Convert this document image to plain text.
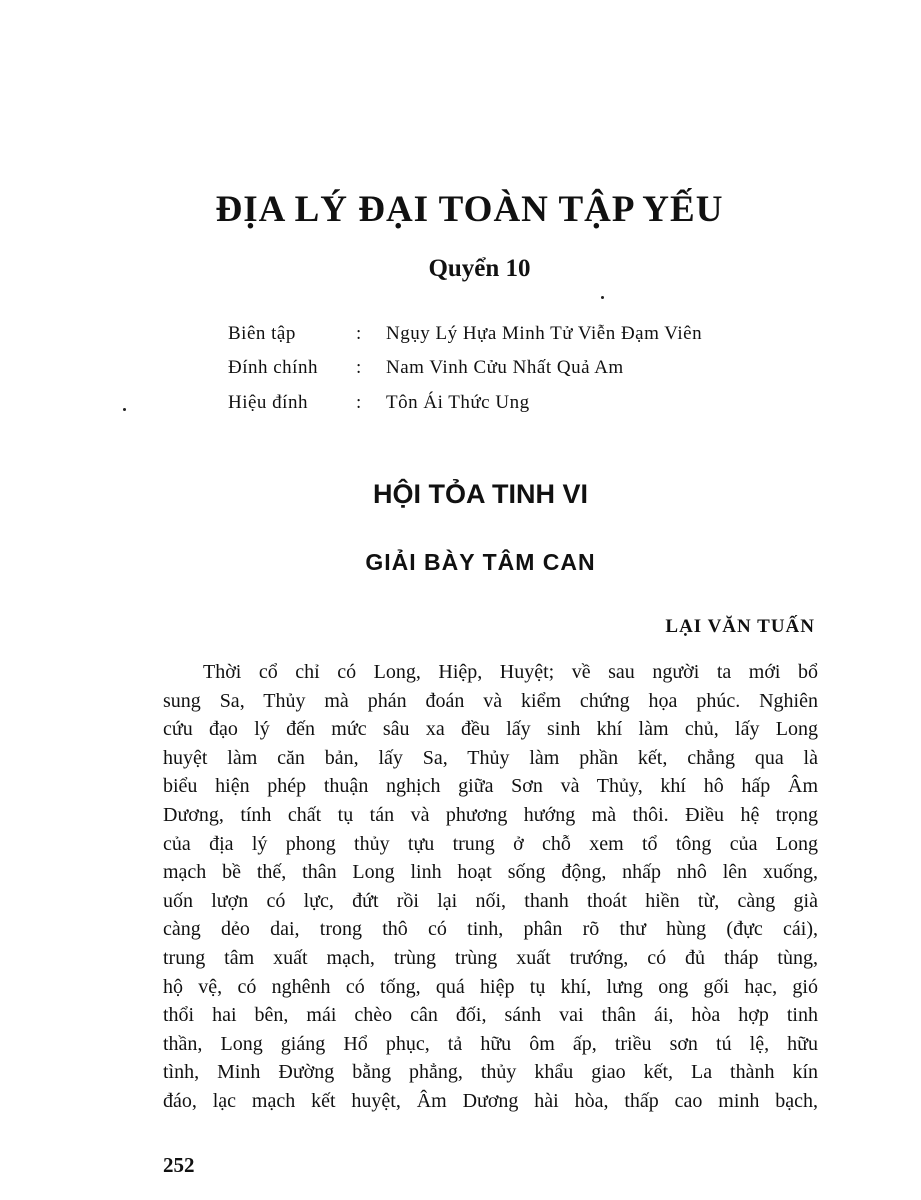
ĐỊA LÝ ĐẠI TOÀN TẬP YẾU
Quyển 10
Biên tập	: Ngụy Lý Hựa Minh Tử Viễn Đạm Viên
Đính chính : Nam Vinh Cửu Nhất Quả Am
Hiệu đính	: Tôn Ái Thức Ung
HỘI TỎA TINH VI
GIẢI BÀY TÂM CAN
LẠI VĂN TUẤN
Thời cổ chỉ có Long, Hiệp, Huyệt; về sau người ta mới bổ
sung Sa, Thủy mà phán đoán và kiểm chứng họa phúc. Nghiên
cứu đạo lý đến mức sâu xa đều lấy sinh khí làm chủ, lấy Long
huyệt làm căn bản, lấy Sa, Thủy làm phần kết, chẳng qua là
biểu hiện phép thuận nghịch giữa Sơn và Thủy, khí hô hấp Âm
Dương, tính chất tụ tán và phương hướng mà thôi. Điều hệ trọng
của địa lý phong thủy tựu trung ở chỗ xem tổ tông của Long
mạch bề thế, thân Long linh hoạt sống động, nhấp nhô lên xuống,
uốn lượn có lực, đứt rồi lại nối, thanh thoát hiền từ, càng già
càng dẻo dai, trong thô có tinh, phân rõ thư hùng (đực cái),
trung tâm xuất mạch, trùng trùng xuất trướng, có đủ tháp tùng,
hộ vệ, có nghênh có tống, quá hiệp tụ khí, lưng ong gối hạc, gió
thổi hai bên, mái chèo cân đối, sánh vai thân ái, hòa hợp tinh
thần, Long giáng Hổ phục, tả hữu ôm ấp, triều sơn tú lệ, hữu
tình, Minh Đường bằng phẳng, thủy khẩu giao kết, La thành kín
đáo, lạc mạch kết huyệt, Âm Dương hài hòa, thấp cao minh bạch,
252
